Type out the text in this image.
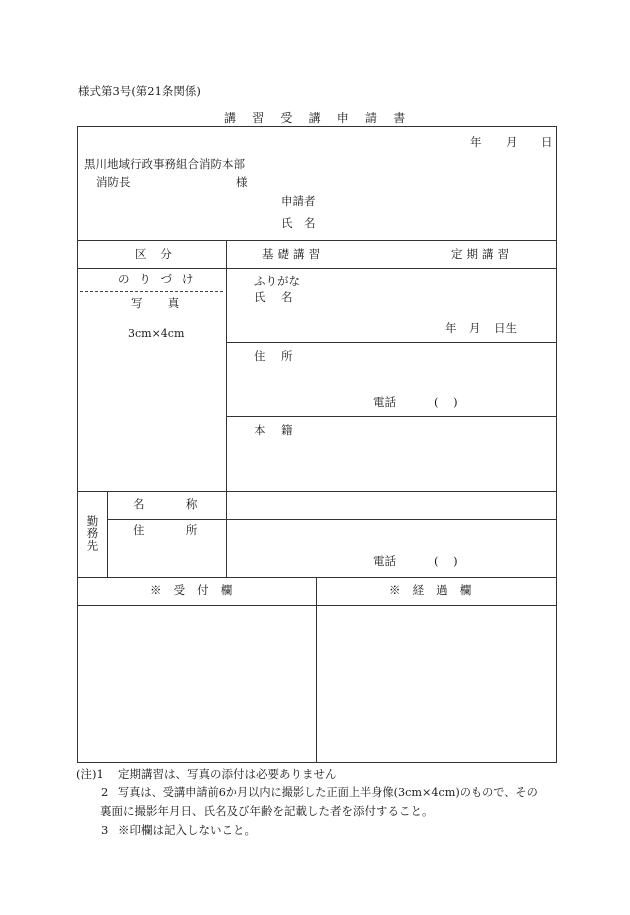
様式第3号(第21条関係)
講習受講申請書
年 月 日
黒川地域行政事務組合消防本部
消防長	様
申請者
氏名
区分	基礎講習	定期講習
のりづけ
写真
3cm×4cm
ふりがな
氏名
年 月 日生
住所
電話	(    )
本籍
勤務先
名称
住所
電話	(    )
※受付欄	※経過欄
(注)1 定期講習は、写真の添付は必要ありません
2 写真は、受講申請前6か月以内に撮影した正面上半身像(3cm×4cm)のもので、その
裏面に撮影年月日、氏名及び年齢を記載した者を添付すること。
3 ※印欄は記入しないこと。
